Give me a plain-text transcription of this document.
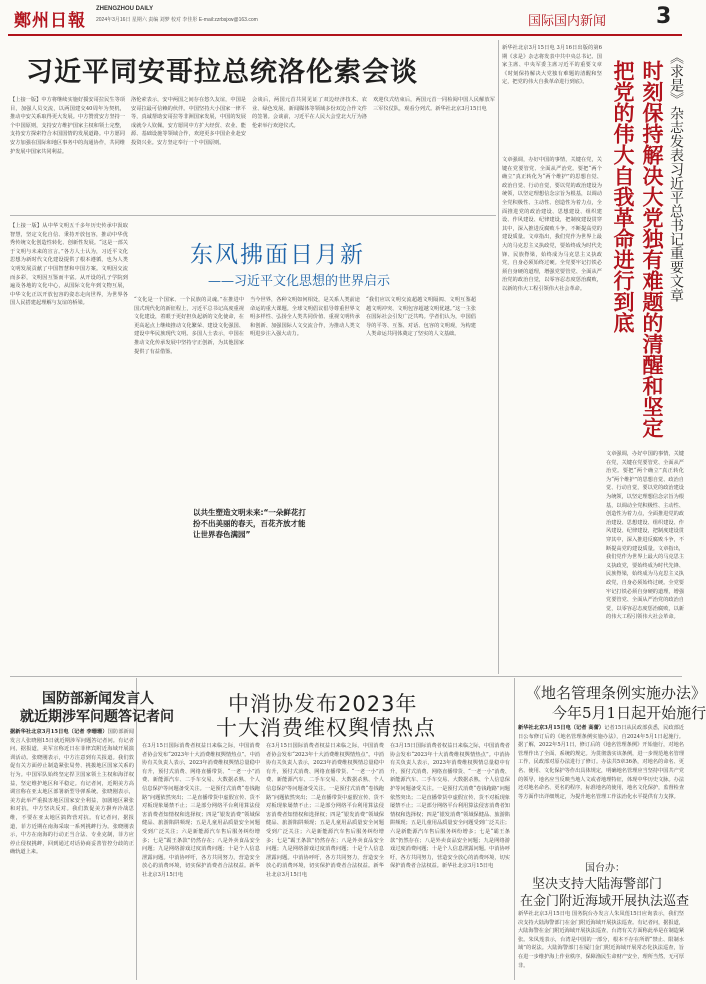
鄭州日報
ZHENGZHOU DAILY
2024年3月16日 星期六 责编 刘梦 校对 李佳彤 E-mail:zzrbsjxw@163.com	国际国内新闻 3
习近平同安哥拉总统洛伦索会谈
【上接一版】中方将继续实施好援安哥拉民生等项目，加强人员交流，以两国建交40周年为契机，推动中安关系取得更大发展。中方赞赏安方坚持一个中国原则，支持安方维护国家主权和领土完整，支持安方探索符合本国国情的发展道路。中方愿同安方加强在国际和地区事务中的沟通协作，共同维护发展中国家共同利益。
洛伦索表示，安中两国之间存在悠久友谊，中国是安哥拉最可信赖的伙伴。中国坚持大小国家一律平等，真诚帮助安哥拉等非洲国家发展，中国的发展成就令人钦佩。安方愿同中方扩大经贸、农业、能源、基础设施等领域合作，欢迎更多中国企业赴安投资兴业。安方坚定奉行一个中国原则。
会谈后，两国元首共同见证了双边经济技术、农业、绿色发展、新闻媒体等领域多份双边合作文件的签署。会谈前，习近平在人民大会堂北大厅为洛伦索举行欢迎仪式。
欢迎仪式结束后，两国元首一同检阅中国人民解放军三军仪仗队，观看分列式。新华社北京3月15日电
东风拂面日月新
——习近平文化思想的世界启示
【上接一版】从中华文明五千多年历史传承中汲取智慧，坚定文化自信、秉持开放包容，推动中华优秀传统文化创造性转化、创新性发展。“这是一部关于文明与未来的宣言。”各方人士认为，习近平文化思想为新时代文化建设提供了根本遵循，也为人类文明发展贡献了中国智慧和中国方案。文明因交流而多彩，文明因互鉴而丰富。从开设的孔子学院到遍及各地的文化中心，从国际文化年到文物互展，中华文化正以开放包容的姿态走向世界，为世界各国人民搭建起理解与友谊的桥梁。
“文化是一个国家、一个民族的灵魂。”在推进中国式现代化的新征程上，习近平总书记高度重视文化建设，着眼于更好担负起新的文化使命，在更高起点上继续推动文化繁荣、建设文化强国、建设中华民族现代文明。多国人士表示，中国在推动文化传承发展中坚持守正创新，为其他国家提供了有益借鉴。
当今世界，各种文明如何相处，是关系人类前途命运的重大课题。全球文明倡议倡导尊重世界文明多样性、弘扬全人类共同价值、重视文明传承和创新、加强国际人文交流合作，为推动人类文明进步注入强大动力。
“我们应以文明交流超越文明隔阂、文明互鉴超越文明冲突、文明包容超越文明优越。”这一主张在国际社会引发广泛共鸣。学者们认为，中国倡导的平等、互鉴、对话、包容的文明观，为构建人类命运共同体奠定了坚实的人文基础。
以共生塑造文明未来:“一朵鲜花打扮不出美丽的春天，百花齐放才能让世界春色满园”
新华社北京3月15日电 3月16日出版的第6期《求是》杂志将发表中共中央总书记、国家主席、中央军委主席习近平的重要文章《时刻保持解决大党独有难题的清醒和坚定，把党的伟大自我革命进行到底》。	时刻保持解决大党独有难题的清醒和坚定 把党的伟大自我革命进行到底	《求是》杂志发表习近平总书记重要文章
文章强调，办好中国的事情，关键在党，关键在党要管党、全面从严治党。要把“两个确立”真正转化为“两个维护”的思想自觉、政治自觉、行动自觉，要以党的政治建设为统领，以坚定理想信念宗旨为根基，以调动全党积极性、主动性、创造性为着力点，全面推进党的政治建设、思想建设、组织建设、作风建设、纪律建设，把制度建设贯穿其中，深入推进反腐败斗争，不断提高党的建设质量。文章指出，我们党作为世界上最大的马克思主义执政党，要始终成为时代先锋、民族脊梁，始终成为马克思主义执政党，自身必须始终过硬。全党要牢记打铁必须自身硬的道理，增强党要管党、全面从严治党的政治自觉，以零容忍态度惩治腐败，以新的伟大工程引领伟大社会革命。
文章强调，办好中国的事情，关键在党，关键在党要管党、全面从严治党。要把“两个确立”真正转化为“两个维护”的思想自觉、政治自觉、行动自觉，要以党的政治建设为统领，以坚定理想信念宗旨为根基，以调动全党积极性、主动性、创造性为着力点，全面推进党的政治建设、思想建设、组织建设、作风建设、纪律建设，把制度建设贯穿其中，深入推进反腐败斗争，不断提高党的建设质量。文章指出，我们党作为世界上最大的马克思主义执政党，要始终成为时代先锋、民族脊梁，始终成为马克思主义执政党，自身必须始终过硬。全党要牢记打铁必须自身硬的道理，增强党要管党、全面从严治党的政治自觉，以零容忍态度惩治腐败，以新的伟大工程引领伟大社会革命。
《地名管理条例实施办法》
今年5月1日起开始施行
新华社北京3月15日电（记者 高蕾）记者15日从民政部获悉，民政部近日公布修订后的《地名管理条例实施办法》，自2024年5月1日起施行。据了解，2022年5月1日，修订后的《地名管理条例》开始施行，对地名管理作出了全面、系统的规定。为贯彻落实该条例，进一步规范地名管理工作，民政部对原办法进行了修订。办法共5章36条，对地名的命名、更名、使用、文化保护等作出具体规定，明确地名管理应当坚持中国共产党的领导，地名应当反映当地人文或者地理特征，体现中华历史文脉。办法还对地名命名、更名的程序，标准地名的使用，地名文化保护，监督检查等方面作出详细规定，为提升地名管理工作法治化水平提供有力支撑。
国台办：
坚决支持大陆海警部门
在金门附近海域开展执法巡查
新华社北京3月15日电 国务院台办发言人朱凤莲15日应询表示，我们坚决支持大陆海警部门在金门附近海域开展执法巡查。有记者问，据报道，大陆海警在金门附近海域开展执法巡查，台湾有关方面称此举是在制造紧张。朱凤莲表示，台湾是中国的一部分，根本不存在所谓“禁止、限制水域”的说法。大陆海警部门在厦门金门附近海域开展常态化执法巡查，旨在进一步维护海上作业秩序，保障渔民生命财产安全，理所当然，无可厚非。
国防部新闻发言人
就近期涉军问题答记者问
据新华社北京3月15日电（记者 李珊珊）国防部新闻发言人张晓刚15日就近期涉军问题答记者问。有记者问，据报道，美军宣称近日在菲律宾附近海域开展演训活动。张晓刚表示，中方注意到有关报道。我们敦促有关方面停止制造紧张局势、挑拨地区国家关系的行为。中国军队始终坚定捍卫国家领土主权和海洋权益，坚定维护地区和平稳定。有记者问，近期美方高调宣称在亚太地区部署新型导弹系统。张晓刚表示，美方此举严重损害地区国家安全利益，加剧地区紧张和对抗，中方坚决反对。我们敦促美方摒弃冷战思维，不要在亚太地区搞阵营对抗。有记者问，据报道，菲方近期在南海采取一系列挑衅行为。张晓刚表示，中方在南海的行动正当合法、专业克制，菲方应停止侵权挑衅，回到通过对话协商妥善管控分歧的正确轨道上来。
中消协发布2023年
十大消费维权舆情热点
在3月15日国际消费者权益日来临之际，中国消费者协会发布“2023年十大消费维权舆情热点”。中消协有关负责人表示，2023年消费维权舆情总量稳中有升，预付式消费、网络直播带货、“一老一小”消费、新能源汽车、二手车交易、大数据杀熟、个人信息保护等问题备受关注。一是预付式消费“卷钱跑路”问题依然突出；二是直播带货中虚假宣传、货不对板现象屡禁不止；三是部分网络平台利用算法侵害消费者知情权和选择权；四是“银发消费”领域保健品、旅游陷阱频现；五是儿童用品质量安全问题受到广泛关注；六是新能源汽车售后服务纠纷增多；七是“霸王条款”仍然存在；八是外卖食品安全问题；九是网络游戏过度消费问题；十是个人信息泄露问题。中消协呼吁，各方共同努力，营造安全放心的消费环境，切实保护消费者合法权益。新华社北京3月15日电
在3月15日国际消费者权益日来临之际，中国消费者协会发布“2023年十大消费维权舆情热点”。中消协有关负责人表示，2023年消费维权舆情总量稳中有升，预付式消费、网络直播带货、“一老一小”消费、新能源汽车、二手车交易、大数据杀熟、个人信息保护等问题备受关注。一是预付式消费“卷钱跑路”问题依然突出；二是直播带货中虚假宣传、货不对板现象屡禁不止；三是部分网络平台利用算法侵害消费者知情权和选择权；四是“银发消费”领域保健品、旅游陷阱频现；五是儿童用品质量安全问题受到广泛关注；六是新能源汽车售后服务纠纷增多；七是“霸王条款”仍然存在；八是外卖食品安全问题；九是网络游戏过度消费问题；十是个人信息泄露问题。中消协呼吁，各方共同努力，营造安全放心的消费环境，切实保护消费者合法权益。新华社北京3月15日电
在3月15日国际消费者权益日来临之际，中国消费者协会发布“2023年十大消费维权舆情热点”。中消协有关负责人表示，2023年消费维权舆情总量稳中有升，预付式消费、网络直播带货、“一老一小”消费、新能源汽车、二手车交易、大数据杀熟、个人信息保护等问题备受关注。一是预付式消费“卷钱跑路”问题依然突出；二是直播带货中虚假宣传、货不对板现象屡禁不止；三是部分网络平台利用算法侵害消费者知情权和选择权；四是“银发消费”领域保健品、旅游陷阱频现；五是儿童用品质量安全问题受到广泛关注；六是新能源汽车售后服务纠纷增多；七是“霸王条款”仍然存在；八是外卖食品安全问题；九是网络游戏过度消费问题；十是个人信息泄露问题。中消协呼吁，各方共同努力，营造安全放心的消费环境，切实保护消费者合法权益。新华社北京3月15日电
